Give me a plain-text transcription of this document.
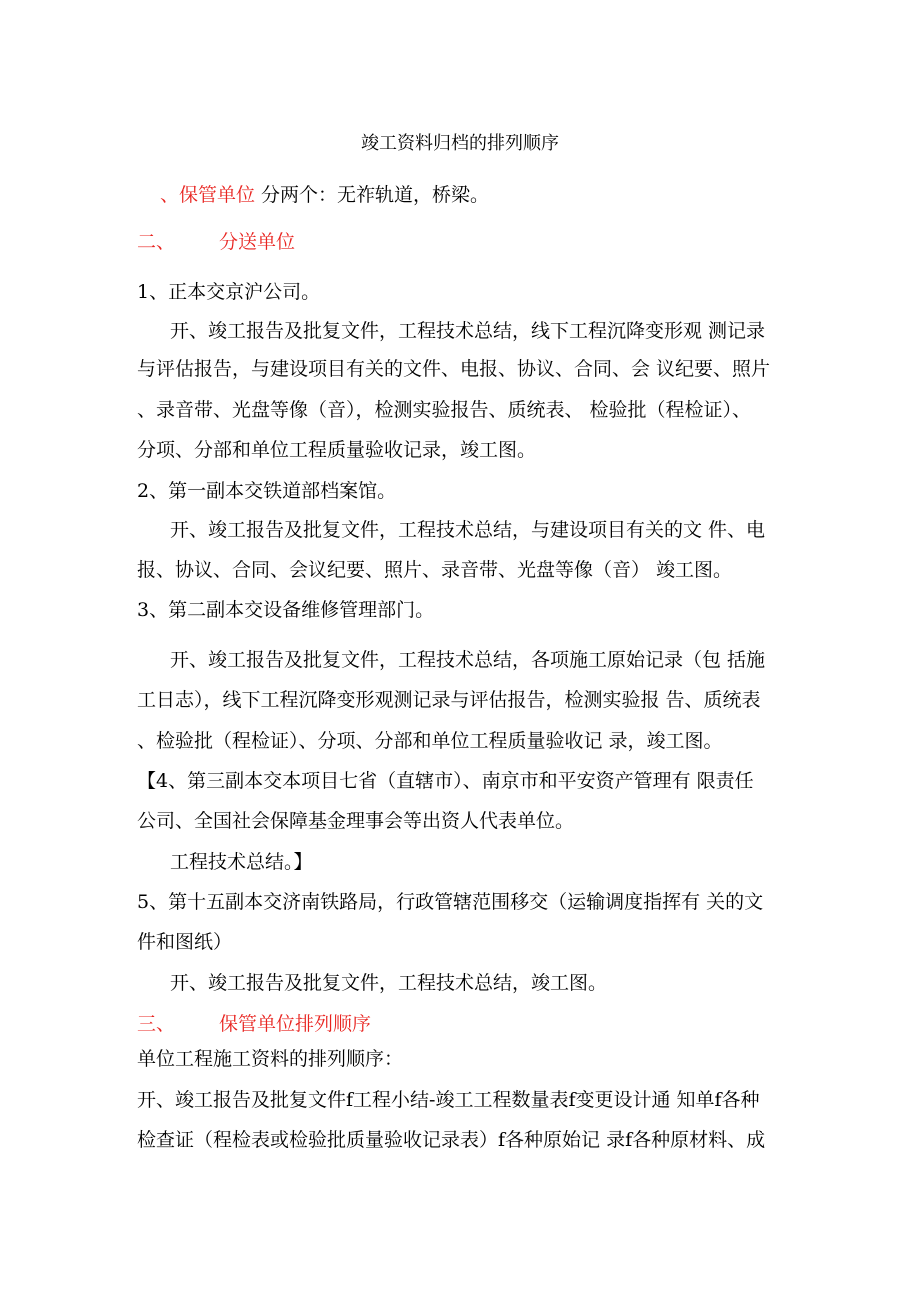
竣工资料归档的排列顺序
、保管单位 分两个：无祚轨道，桥梁。
二、 分送单位
1、正本交京沪公司。
开、竣工报告及批复文件，工程技术总结，线下工程沉降变形观 测记录
与评估报告，与建设项目有关的文件、电报、协议、合同、会 议纪要、照片
、录音带、光盘等像（音），检测实验报告、质统表、 检验批（程检证）、
分项、分部和单位工程质量验收记录，竣工图。
2、第一副本交铁道部档案馆。
开、竣工报告及批复文件，工程技术总结，与建设项目有关的文 件、电
报、协议、合同、会议纪要、照片、录音带、光盘等像（音） 竣工图。
3、第二副本交设备维修管理部门。
开、竣工报告及批复文件，工程技术总结，各项施工原始记录（包 括施
工日志），线下工程沉降变形观测记录与评估报告，检测实验报 告、质统表
、检验批（程检证）、分项、分部和单位工程质量验收记 录，竣工图。
【4、第三副本交本项目七省（直辖市）、南京市和平安资产管理有 限责任
公司、全国社会保障基金理事会等出资人代表单位。
工程技术总结。】
5、第十五副本交济南铁路局，行政管辖范围移交（运输调度指挥有 关的文
件和图纸）
开、竣工报告及批复文件，工程技术总结，竣工图。
三、 保管单位排列顺序
单位工程施工资料的排列顺序：
开、竣工报告及批复文件f工程小结-竣工工程数量表f变更设计通 知单f各种
检查证（程检表或检验批质量验收记录表）f各种原始记 录f各种原材料、成
